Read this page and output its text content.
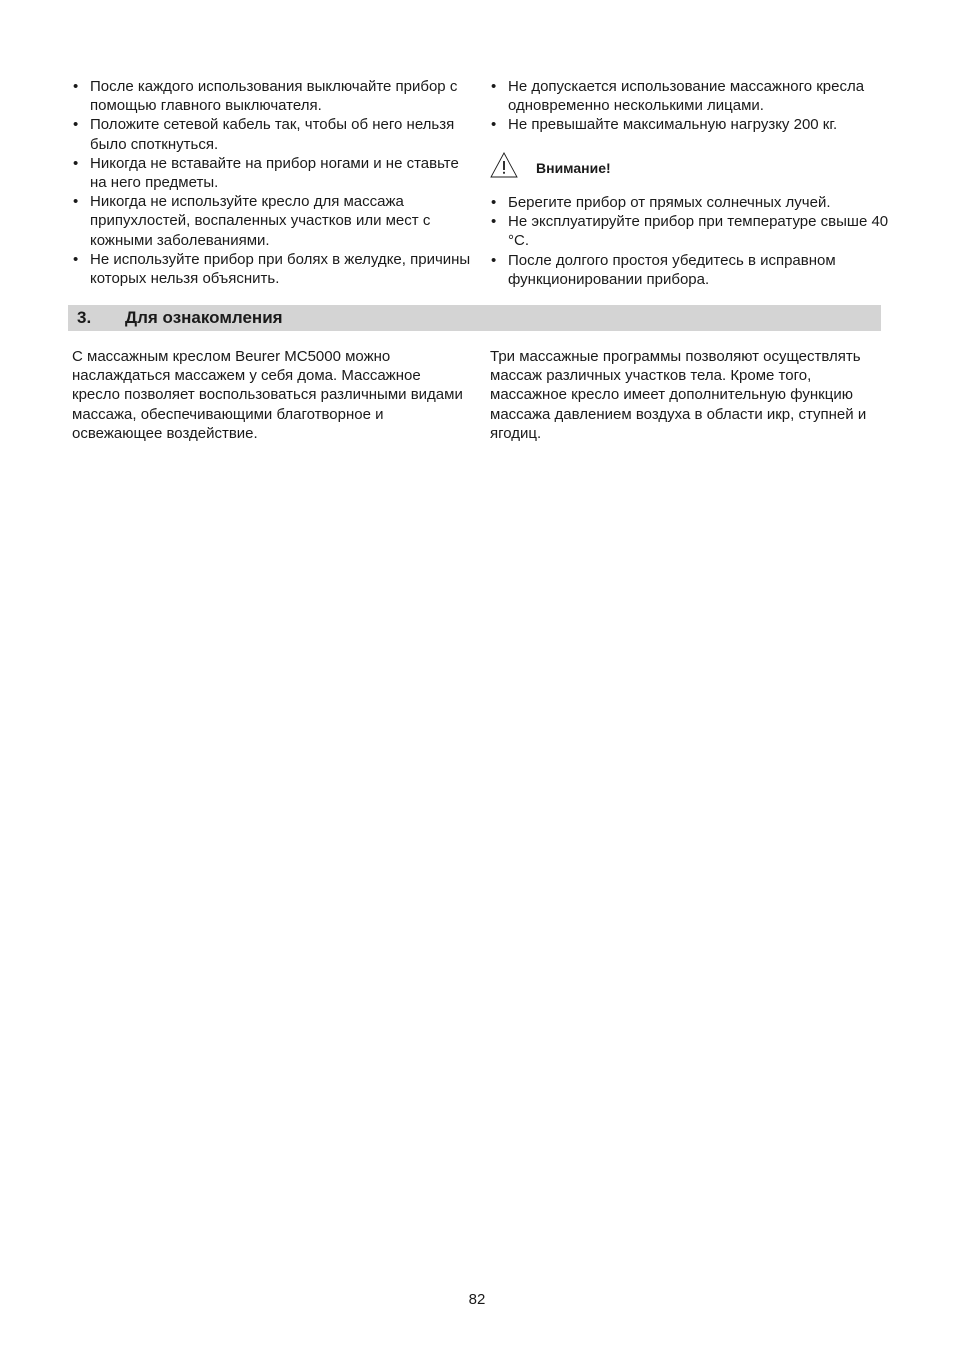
• После каждого использования выключайте прибор с помощью главного выключателя.
• Положите сетевой кабель так, чтобы об него нельзя было споткнуться.
• Никогда не вставайте на прибор ногами и не ставьте на него предметы.
• Никогда не используйте кресло для массажа припухлостей, воспаленных участков или мест с кожными заболеваниями.
• Не используйте прибор при болях в желудке, причины которых нельзя объяснить.
• Не допускается использование массажного кресла одновременно несколькими лицами.
• Не превышайте максимальную нагрузку 200 кг.
Внимание!
• Берегите прибор от прямых солнечных лучей.
• Не эксплуатируйте прибор при температуре свыше 40 °C.
• После долгого простоя убедитесь в исправном функционировании прибора.
3. Для ознакомления

С массажным креслом Beurer MC5000 можно наслаждаться массажем у себя дома. Массажное кресло позволяет воспользоваться различными видами массажа, обеспечивающими благотворное и освежающее воздействие.

Три массажные программы позволяют осуществлять массаж различных участков тела. Кроме того, массажное кресло имеет дополнительную функцию массажа давлением воздуха в области икр, ступней и ягодиц.

82
